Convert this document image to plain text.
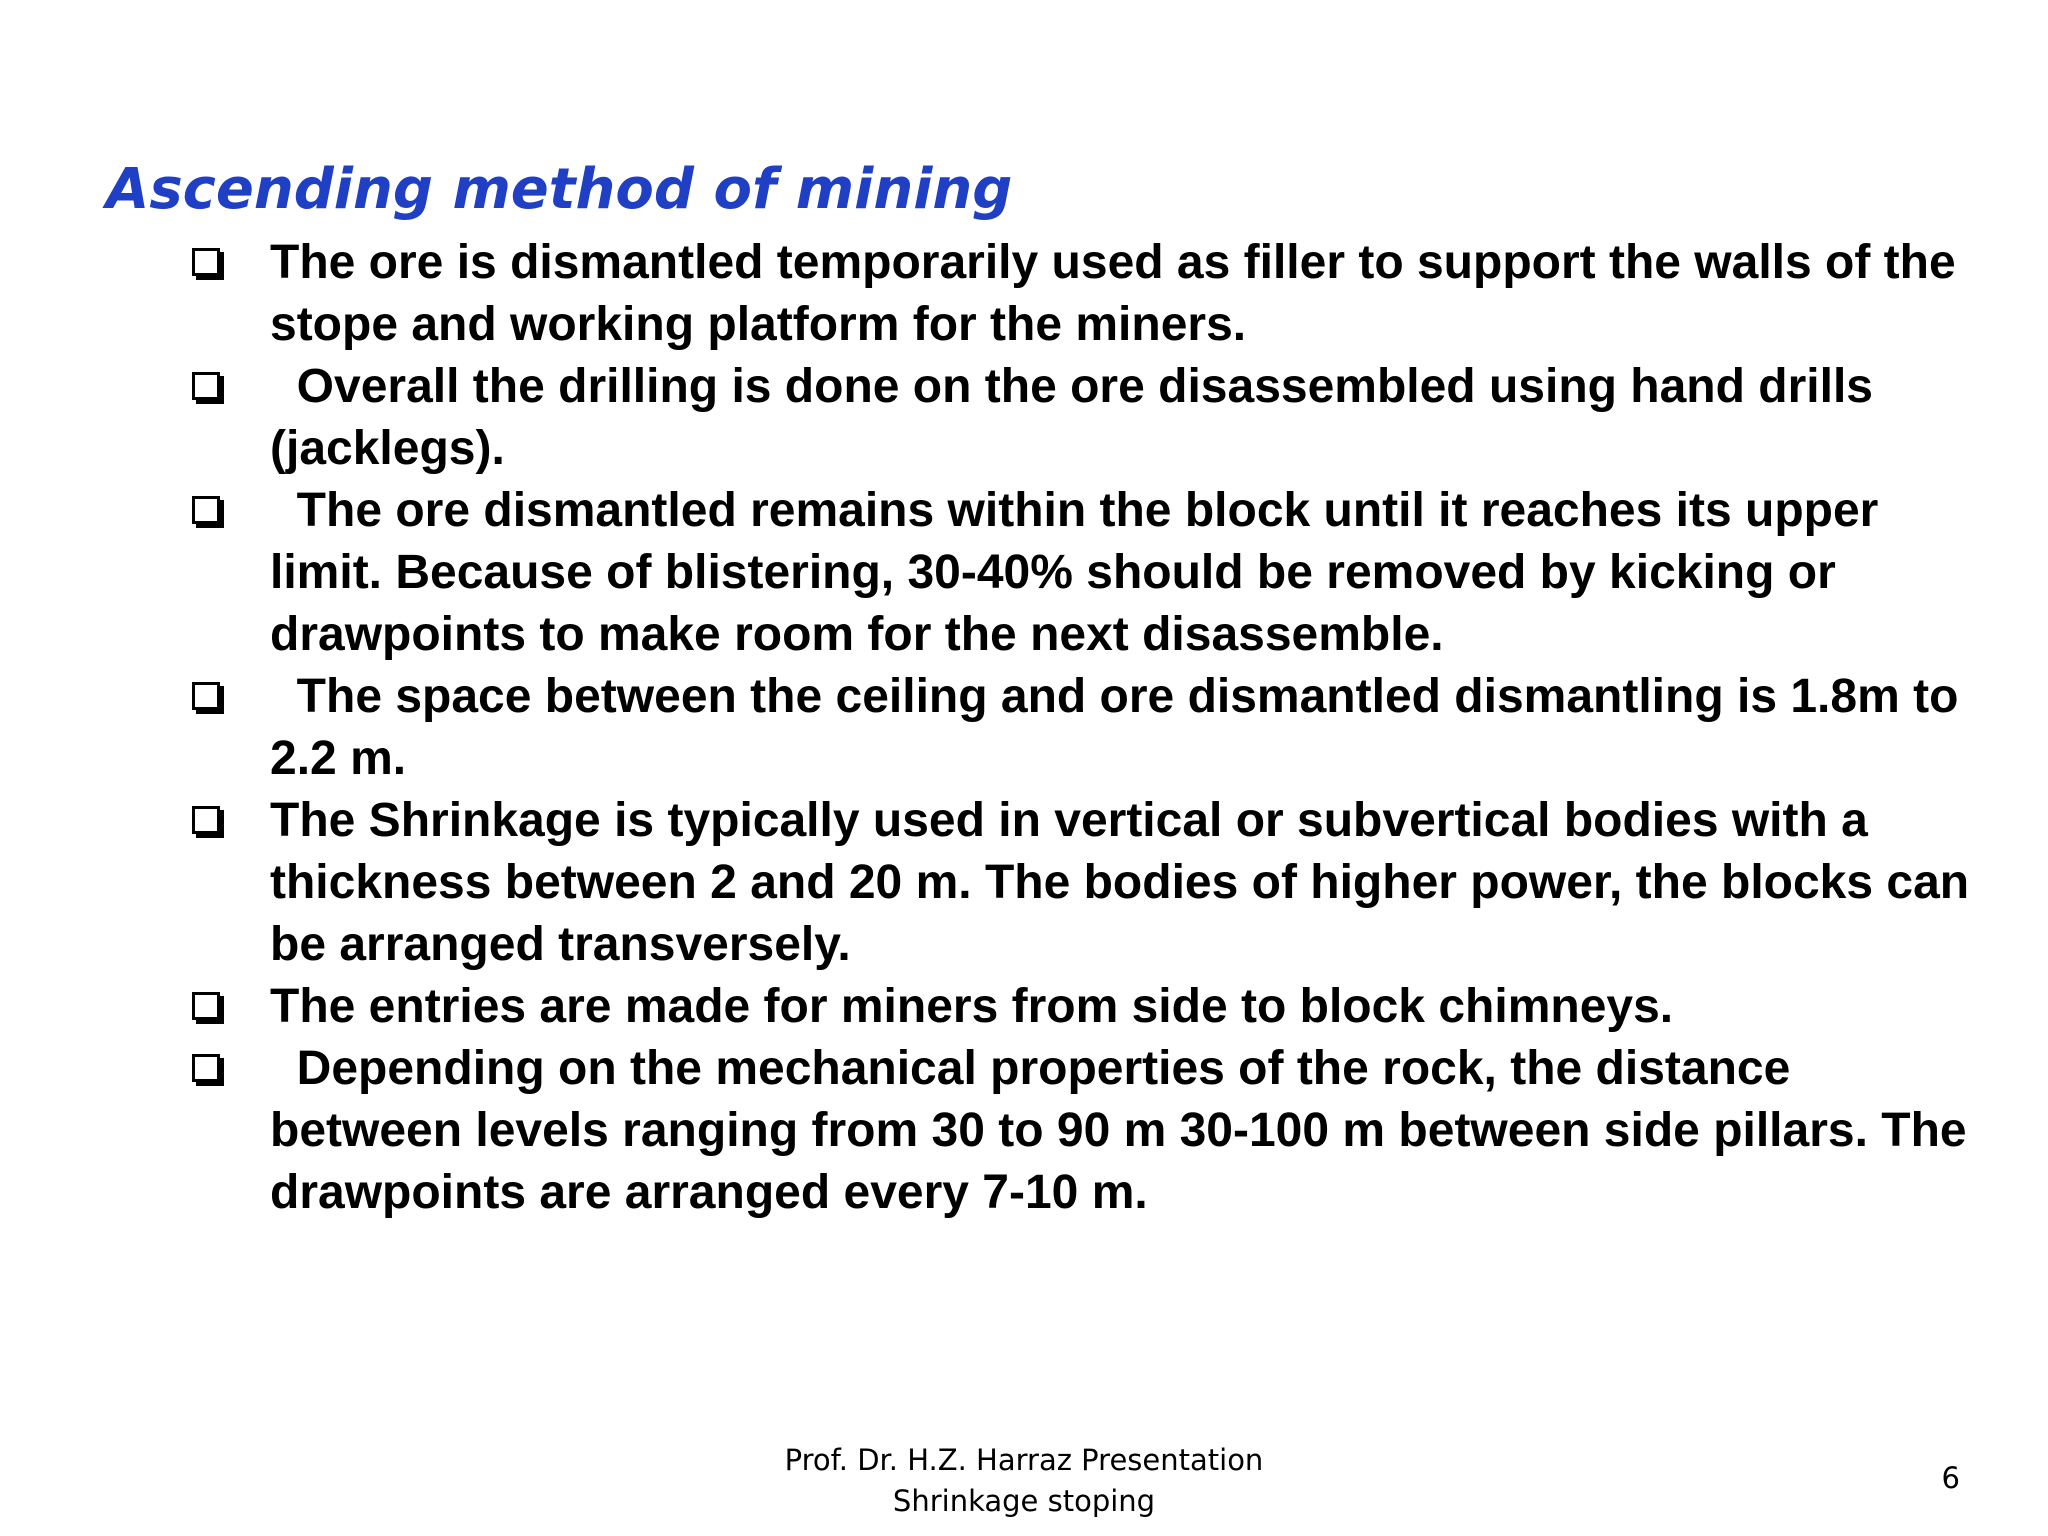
Ascending method of mining
The ore is dismantled temporarily used as filler to support the walls of the stope and working platform for the miners.
Overall the drilling is done on the ore disassembled using hand drills (jacklegs).
The ore dismantled remains within the block until it reaches its upper limit. Because of blistering, 30-40% should be removed by kicking or drawpoints to make room for the next disassemble.
The space between the ceiling and ore dismantled dismantling is 1.8m to 2.2 m.
The Shrinkage is typically used in vertical or subvertical bodies with a thickness between 2 and 20 m. The bodies of higher power, the blocks can be arranged transversely.
The entries are made for miners from side to block chimneys.
Depending on the mechanical properties of the rock, the distance between levels ranging from 30 to 90 m 30-100 m between side pillars. The drawpoints are arranged every 7-10 m.
Prof. Dr. H.Z. Harraz Presentation
Shrinkage stoping
6
